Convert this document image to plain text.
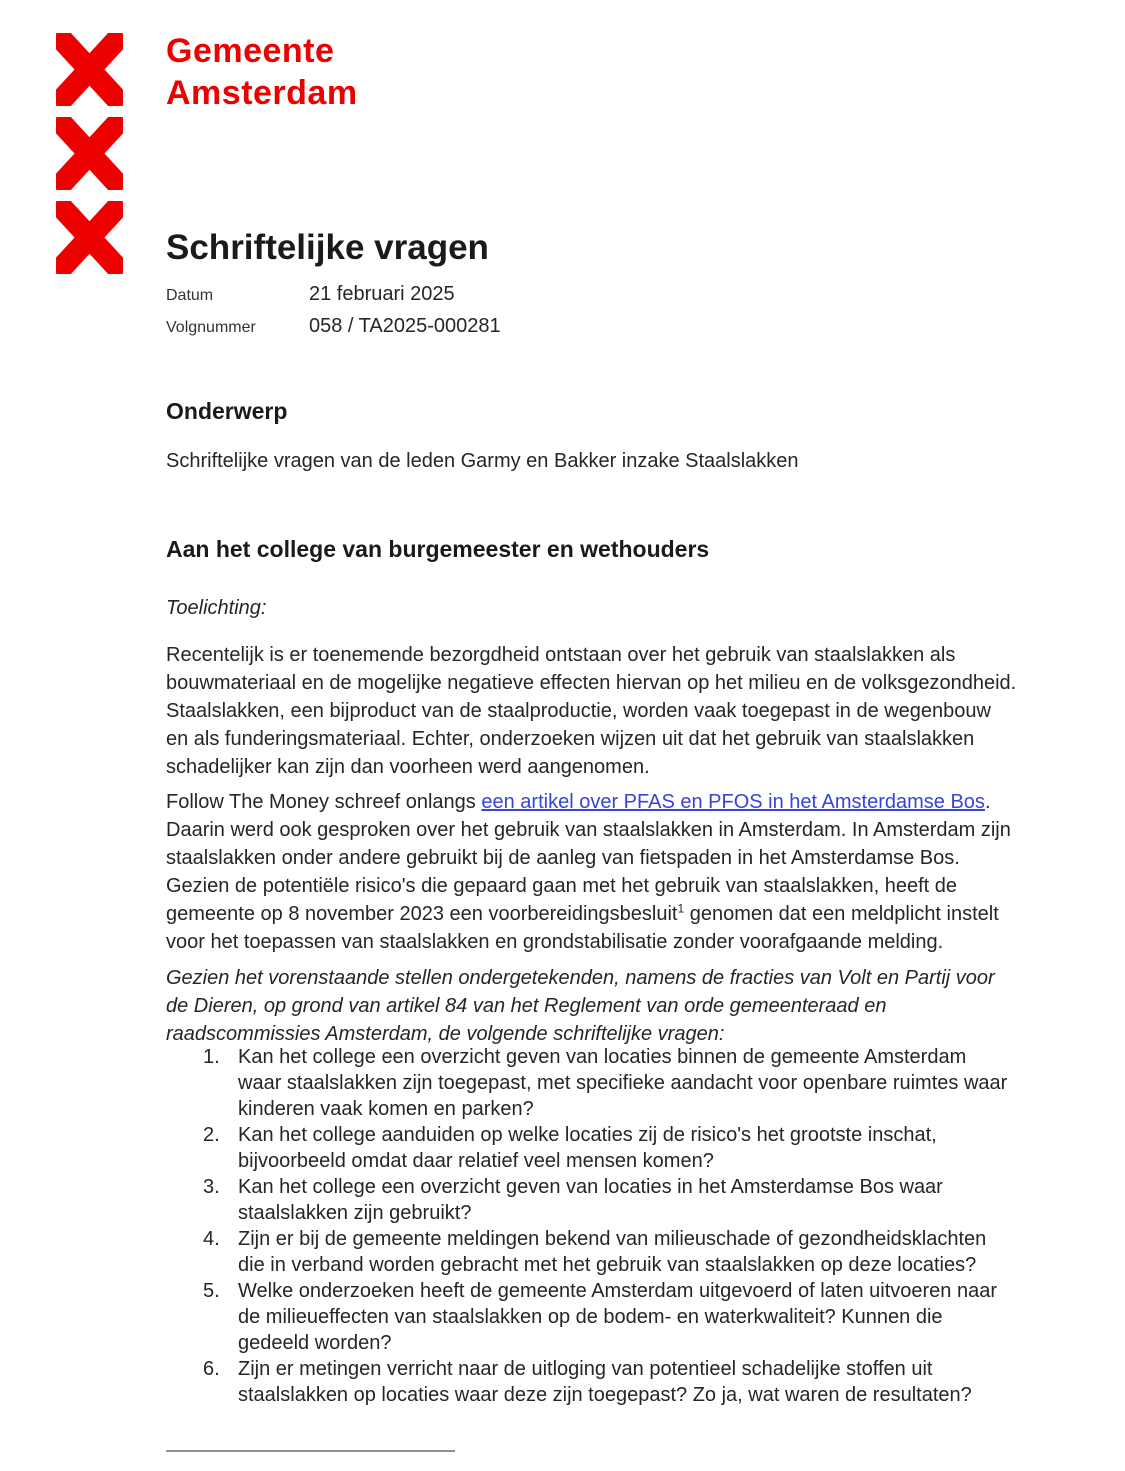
Gemeente
Amsterdam
Schriftelijke vragen
Datum	21 februari 2025
Volgnummer	058 / TA2025-000281
Onderwerp
Schriftelijke vragen van de leden Garmy en Bakker inzake Staalslakken
Aan het college van burgemeester en wethouders
Toelichting:
Recentelijk is er toenemende bezorgdheid ontstaan over het gebruik van staalslakken als bouwmateriaal en de mogelijke negatieve effecten hiervan op het milieu en de volksgezondheid. Staalslakken, een bijproduct van de staalproductie, worden vaak toegepast in de wegenbouw en als funderingsmateriaal. Echter, onderzoeken wijzen uit dat het gebruik van staalslakken schadelijker kan zijn dan voorheen werd aangenomen.
Follow The Money schreef onlangs een artikel over PFAS en PFOS in het Amsterdamse Bos. Daarin werd ook gesproken over het gebruik van staalslakken in Amsterdam. In Amsterdam zijn staalslakken onder andere gebruikt bij de aanleg van fietspaden in het Amsterdamse Bos. Gezien de potentiële risico's die gepaard gaan met het gebruik van staalslakken, heeft de gemeente op 8 november 2023 een voorbereidingsbesluit$^1$ genomen dat een meldplicht instelt voor het toepassen van staalslakken en grondstabilisatie zonder voorafgaande melding.
Gezien het vorenstaande stellen ondergetekenden, namens de fracties van Volt en Partij voor de Dieren, op grond van artikel 84 van het Reglement van orde gemeenteraad en raadscommissies Amsterdam, de volgende schriftelijke vragen:
1. Kan het college een overzicht geven van locaties binnen de gemeente Amsterdam waar staalslakken zijn toegepast, met specifieke aandacht voor openbare ruimtes waar kinderen vaak komen en parken?
2. Kan het college aanduiden op welke locaties zij de risico's het grootste inschat, bijvoorbeeld omdat daar relatief veel mensen komen?
3. Kan het college een overzicht geven van locaties in het Amsterdamse Bos waar staalslakken zijn gebruikt?
4. Zijn er bij de gemeente meldingen bekend van milieuschade of gezondheidsklachten die in verband worden gebracht met het gebruik van staalslakken op deze locaties?
5. Welke onderzoeken heeft de gemeente Amsterdam uitgevoerd of laten uitvoeren naar de milieueffecten van staalslakken op de bodem- en waterkwaliteit? Kunnen die gedeeld worden?
6. Zijn er metingen verricht naar de uitloging van potentieel schadelijke stoffen uit staalslakken op locaties waar deze zijn toegepast? Zo ja, wat waren de resultaten?
